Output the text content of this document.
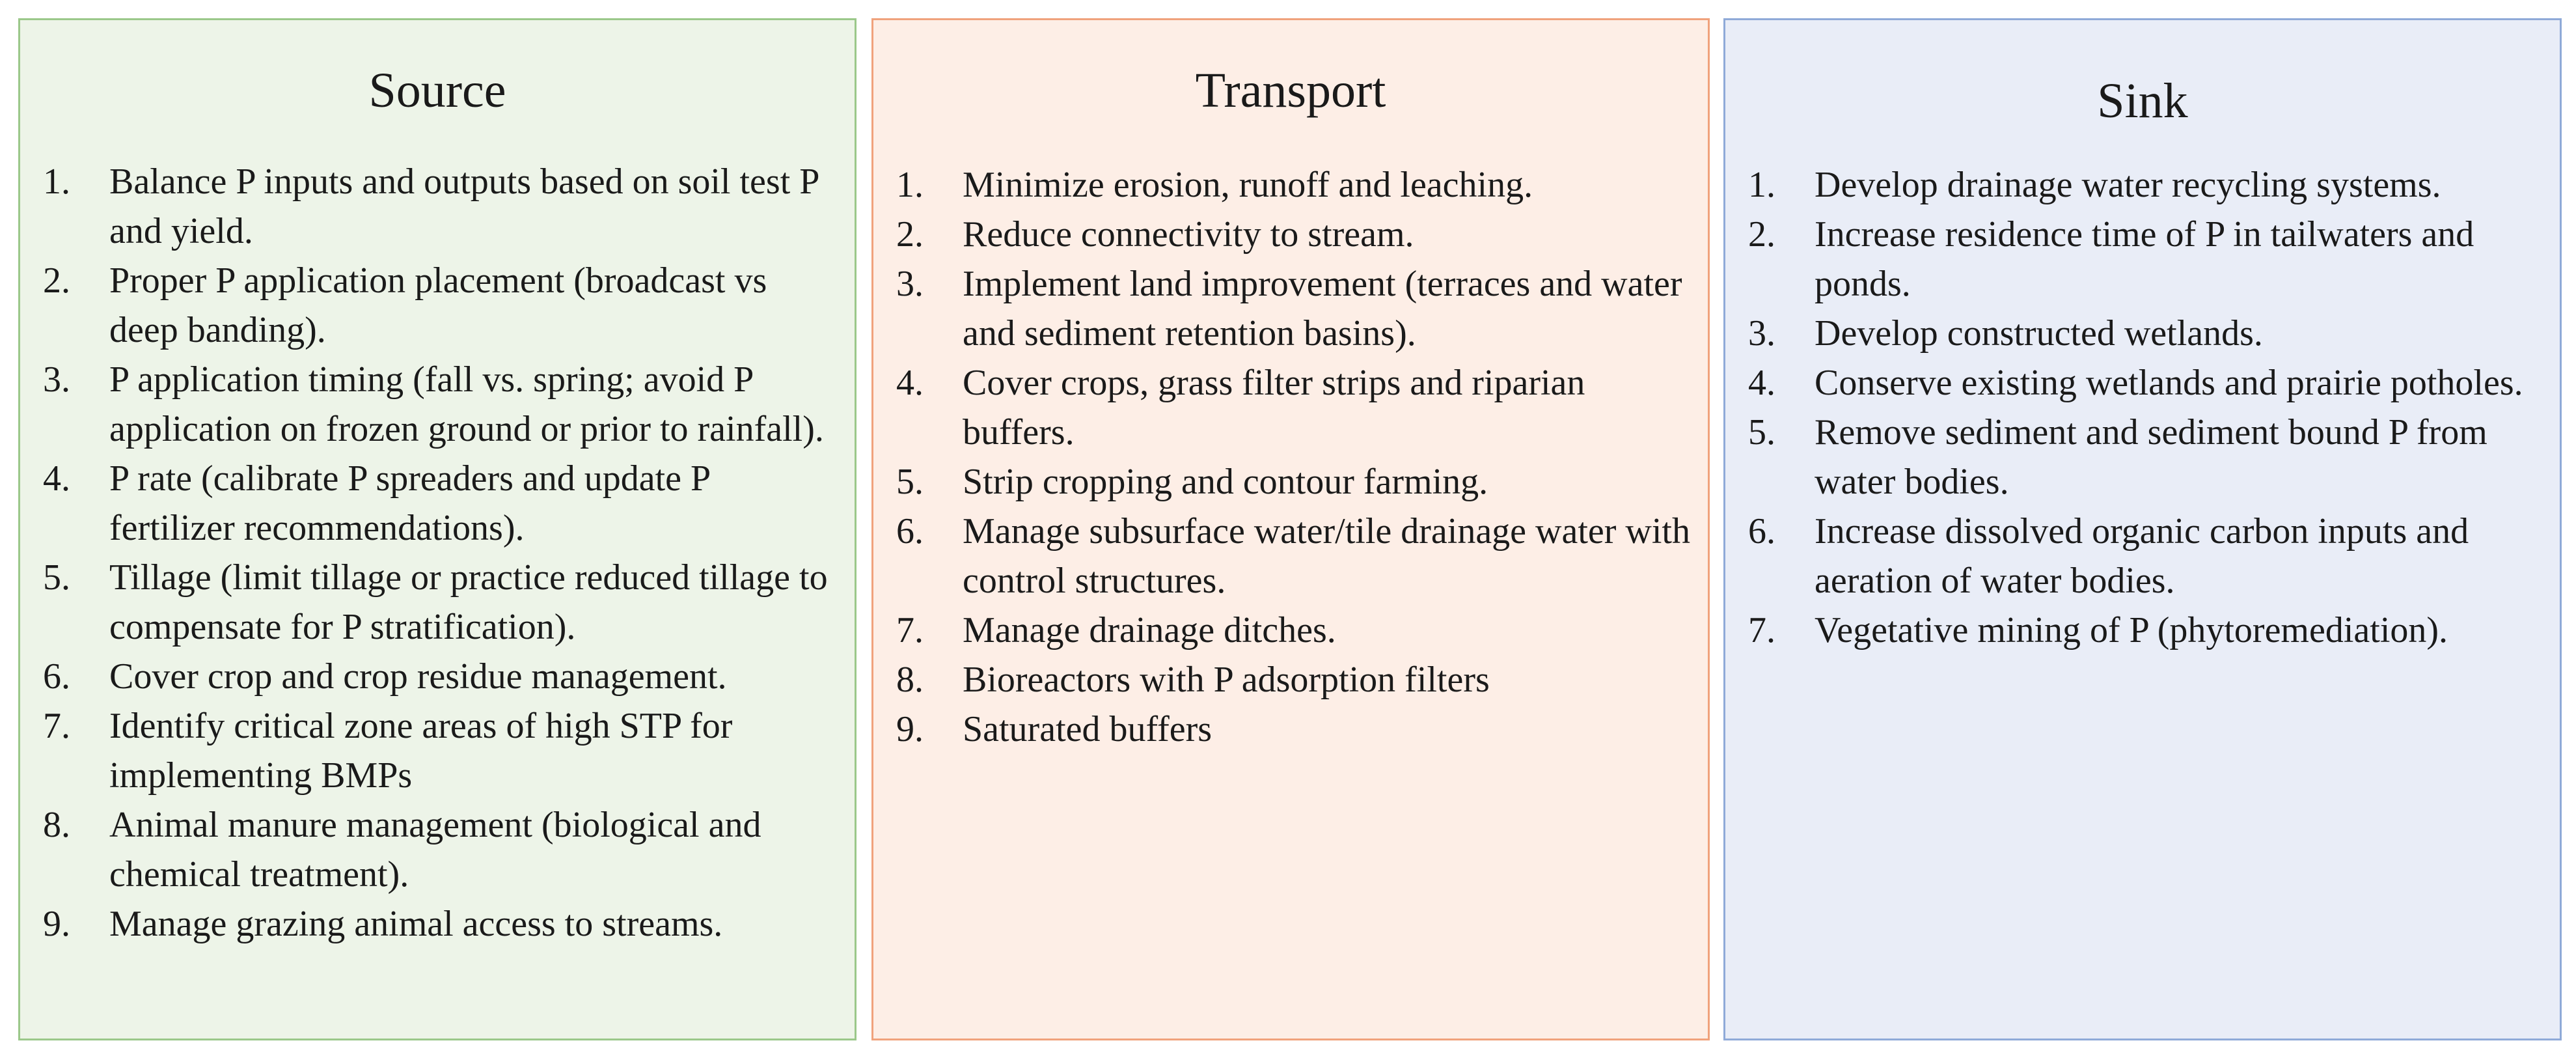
Source
1. Balance P inputs and outputs based on soil test P and yield.
2. Proper P application placement (broadcast vs deep banding).
3. P application timing (fall vs. spring; avoid P application on frozen ground or prior to rainfall).
4. P rate (calibrate P spreaders and update P fertilizer recommendations).
5. Tillage (limit tillage or practice reduced tillage to compensate for P stratification).
6. Cover crop and crop residue management.
7. Identify critical zone areas of high STP for implementing BMPs
8. Animal manure management (biological and chemical treatment).
9. Manage grazing animal access to streams.
Transport
1. Minimize erosion, runoff and leaching.
2. Reduce connectivity to stream.
3. Implement land improvement (terraces and water and sediment retention basins).
4. Cover crops, grass filter strips and riparian buffers.
5. Strip cropping and contour farming.
6. Manage subsurface water/tile drainage water with control structures.
7. Manage drainage ditches.
8. Bioreactors with P adsorption filters
9. Saturated buffers
Sink
1. Develop drainage water recycling systems.
2. Increase residence time of P in tailwaters and ponds.
3. Develop constructed wetlands.
4. Conserve existing wetlands and prairie potholes.
5. Remove sediment and sediment bound P from water bodies.
6. Increase dissolved organic carbon inputs and aeration of water bodies.
7. Vegetative mining of P (phytoremediation).
